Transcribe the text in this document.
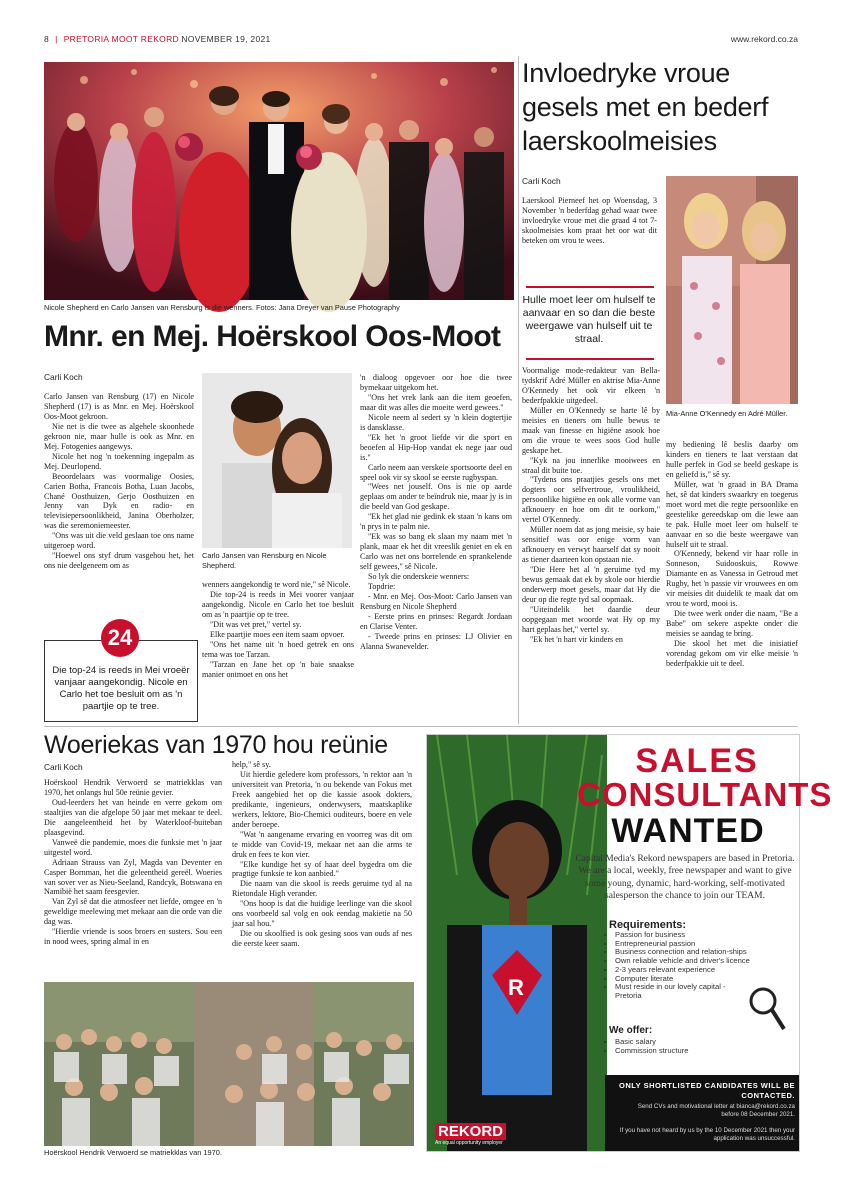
8 | PRETORIA MOOT REKORD NOVEMBER 19, 2021	www.rekord.co.za
Nicole Shepherd en Carlo Jansen van Rensburg is die wenners. Fotos: Jana Dreyer van Pause Photography
Mnr. en Mej. Hoërskool Oos-Moot
Carli Koch

Carlo Jansen van Rensburg (17) en Nicole Shepherd (17) is as Mnr. en Mej. Hoërskool Oos-Moot gekroon.

Nie net is die twee as algehele skoonhede gekroon nie, maar hulle is ook as Mnr. en Mej. Fotogenies aangewys.

Nicole het nog 'n toekenning ingepalm as Mej. Deurlopend.

Beoordelaars was voormalige Oosies, Carien Botha, Francois Botha, Luan Jacobs, Chané Oosthuizen, Gerjo Oosthuizen en Jenny van Dyk en radio- en televisiepersoonlikheid, Janina Oberholzer, was die seremoniemeester.

"Ons was uit die veld geslaan toe ons name uitgeroep word.

"Hoewel ons styf drum vasgehou het, het ons nie deelgeneem om as

24
Die top-24 is reeds in Mei vroeër vanjaar aangekondig. Nicole en Carlo het toe besluit om as 'n paartjie op te tree.
Carlo Jansen van Rensburg en Nicole Shepherd.

wenners aangekondig te word nie," sê Nicole.

Die top-24 is reeds in Mei voorer vanjaar aangekondig. Nicole en Carlo het toe besluit om as 'n paartjie op te tree.

"Dit was vet pret," vertel sy.

Elke paartjie moes een item saam opvoer.

"Ons het name uit 'n hoed getrek en ons tema was toe Tarzan.

"Tarzan en Jane het op 'n baie snaakse manier ontmoet en ons het

'n dialoog opgevoer oor hoe die twee bymekaar uitgekom het.

"Ons het vrek lank aan die item geoefen, maar dit was alles die moeite werd gewees."

Nicole neem al sedert sy 'n klein dogtertjie is dansklasse.

"Ek het 'n groot liefde vir die sport en beoefen al Hip-Hop vandat ek nege jaar oud is."

Carlo neem aan verskeie sportsoorte deel en speel ook vir sy skool se eerste rugbyspan.

"Wees net jouself. Ons is nie op aarde geplaas om ander te beïndruk nie, maar jy is in die beeld van God geskape.

"Ek het glad nie gedink ek staan 'n kans om 'n prys in te palm nie.

"Ek was so bang ek slaan my naam met 'n plank, maar ek het dit vreeslik geniet en ek en Carlo was net ons borrelende en sprankelende self gewees," sê Nicole.

So lyk die onderskeie wenners:

Topdrie:

- Mnr. en Mej. Oos-Moot: Carlo Jansen van Rensburg en Nicole Shepherd

- Eerste prins en prinses: Regardt Jordaan en Clarise Venter.

- Tweede prins en prinses: LJ Olivier en Alanna Swanevelder.

Invloedryke vroue gesels met en bederf laerskoolmeisies
Carli Koch

Laerskool Pierneef het op Woensdag, 3 November 'n bederfdag gehad waar twee invloedryke vroue met die graad 4 tot 7-skoolmeisies kom praat het oor wat dit beteken om vrou te wees.

Hulle moet leer om hulself te aanvaar en so dan die beste weergawe van hulself uit te straal.
Mia-Anne O'Kennedy en Adré Müller.

Voormalige mode-redakteur van Bella-tydskrif Adré Müller en aktrise Mia-Anne O'Kennedy het ook vir elkeen 'n bederfpakkie uitgedeel.

Müller en O'Kennedy se harte lê by meisies en tieners om hulle bewus te maak van finesse en higiëne asook hoe om die vroue te wees soos God hulle geskape het.

"Kyk na jou innerlike mooiwees en straal dit buite toe.

"Tydens ons praatjies gesels ons met dogters oor selfvertroue, vroulikheid, persoonlike higiëne en ook alle vorme van afknouery en hoe om dit te oorkom," vertel O'Kennedy.

Müller noem dat as jong meisie, sy baie sensitief was oor enige vorm van afknouery en verwyt haarself dat sy nooit as tiener daarteen kon opstaan nie.

"Die Here het al 'n geruime tyd my bewus gemaak dat ek by skole oor hierdie onderwerp moet gesels, maar dat Hy die deur op die regte tyd sal oopmaak.

"Uiteindelik het daardie deur oopgegaan met woorde wat Hy op my hart geplaas het," vertel sy.

"Ek het 'n hart vir kinders en

my bediening lê beslis daarby om kinders en tieners te laat verstaan dat hulle perfek in God se beeld geskape is en geliefd is," sê sy.

Müller, wat 'n graad in BA Drama het, sê dat kinders swaarkry en toegerus moet word met die regte persoonlike en geestelike gereedskap om die lewe aan te pak. Hulle moet leer om hulself te aanvaar en so die beste weergawe van hulself uit te straal.

O'Kennedy, bekend vir haar rolle in Sonneson, Suidooskuis, Rowwe Diamante en as Vanessa in Getroud met Rugby, het 'n passie vir vrouwees en om vir meisies dit duidelik te maak dat om vrou te word, mooi is.

Die twee werk onder die naam, "Be a Babe" om sekere aspekte onder die meisies se aandag te bring.

Die skool het met die inisiatief vorendag gekom om vir elke meisie 'n bederfpakkie uit te deel.

Woeriekas van 1970 hou reünie
Carli Koch

Hoërskool Hendrik Verwoerd se matriekklas van 1970, het onlangs hul 50e reünie gevier.

Oud-leerders het van heinde en verre gekom om staaltjies van die afgelope 50 jaar met mekaar te deel. Die aangeleentheid het by Waterkloof-buiteban plaasgevind.

Vanweë die pandemie, moes die funksie met 'n jaar uitgestel word.

Adriaan Strauss van Zyl, Magda van Deventer en Casper Bornman, het die geleentheid gereël. Woeries van sover ver as Nieu-Seeland, Randcyk, Botswana en Namibië het saam feesgevier.

Van Zyl sê dat die atmosfeer net liefde, omgee en 'n geweldige meelewing met mekaar aan die orde van die dag was.

"Hierdie vriende is soos broers en susters. Sou een in nood wees, spring almal in en

help," sê sy.

Uit hierdie geledere kom professors, 'n rektor aan 'n universiteit van Pretoria, 'n ou bekende van Fokus met Freek aangebied het op die kassie asook dokters, predikante, ingenieurs, onderwysers, maatskaplike werkers, lektore, Bio-Chemici ouditeurs, boere en vele ander beroepe.

"Wat 'n aangename ervaring en voorreg was dit om te midde van Covid-19, mekaar net aan die arms te druk en fees te kon vier.

"Elke kundige het sy of haar deel bygedra om die pragtige funksie te kon aanbied."

Die naam van die skool is reeds geruime tyd al na Rietondale High verander.

"Ons hoop is dat die huidige leerlinge van die skool ons voorbeeld sal volg en ook eendag makietie na 50 jaar sal hou."

Die ou skoolfied is ook gesing soos van ouds af nes die eerste keer saam.

Hoërskool Hendrik Verwoerd se matriekklas van 1970.
SALES
CONSULTANTS
WANTED
Capital Media's Rekord newspapers are based in Pretoria. We are a local, weekly, free newspaper and want to give some young, dynamic, hard-working, self-motivated salesperson the chance to join our TEAM.
Requirements:
• Passion for business
• Entrepreneurial passion
• Business connection and relation-ships
• Own reliable vehicle and driver's licence
• 2-3 years relevant experience
• Computer literate
• Must reside in our lovely capital - Pretoria
We offer:
• Basic salary
• Commission structure
ONLY SHORTLISTED CANDIDATES WILL BE CONTACTED.
Send CVs and motivational letter at bianca@rekord.co.za before 08 December 2021.
If you have not heard by us by the 10 December 2021 then your application was unsuccessful.
REKORD
An equal opportunity employer
R
